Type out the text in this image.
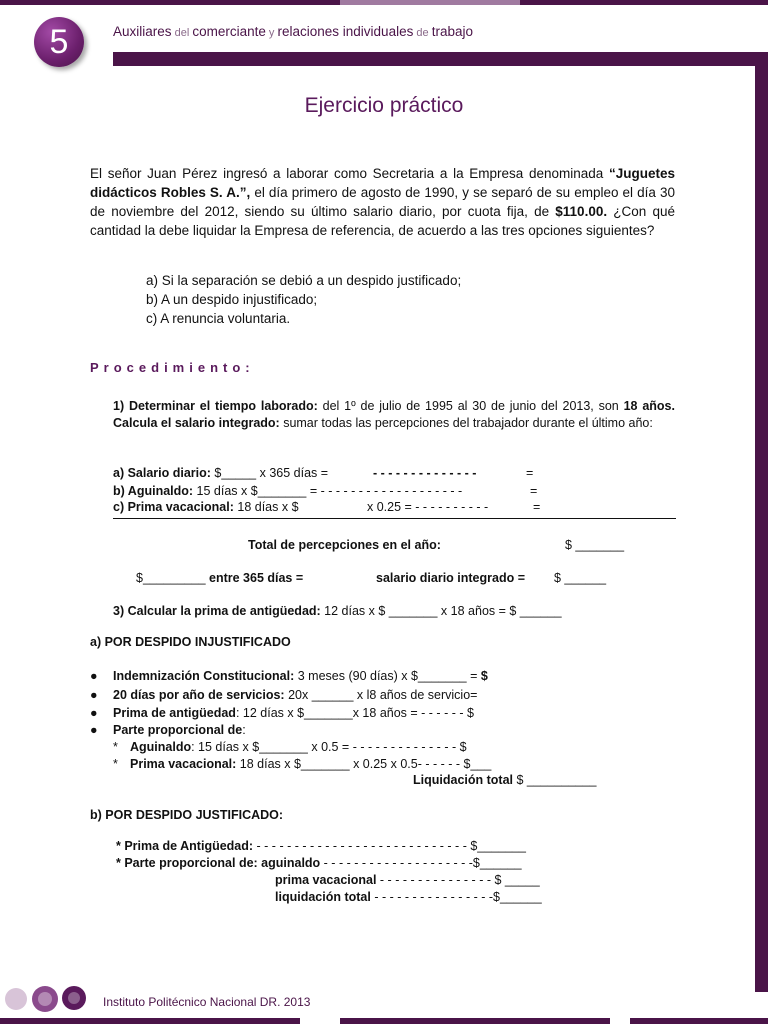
5	Auxiliares del comerciante y relaciones individuales de trabajo
Ejercicio práctico
El señor Juan Pérez ingresó a laborar como Secretaria a la Empresa denominada “Juguetes didácticos Robles S. A.”, el día primero de agosto de 1990, y se separó de su empleo el día 30 de noviembre del 2012, siendo su último salario diario, por cuota fija, de $110.00. ¿Con qué cantidad la debe liquidar la Empresa de referencia, de acuerdo a las tres opciones siguientes?
a) Si la separación se debió a un despido justificado;
b) A un despido injustificado;
c) A renuncia voluntaria.
Procedimiento:
1) Determinar el tiempo laborado: del 1º de julio de 1995 al 30 de junio del 2013, son 18 años. Calcula el salario integrado: sumar todas las percepciones del trabajador durante el último año:
a) Salario diario: $_____ x 365 días =	- - - - - - - - - - - - - -	=
b) Aguinaldo: 15 días x $_______ = - - - - - - - - - - - - - - - - - - -	=
c) Prima vacacional: 18 días x $	x 0.25 = - - - - - - - - - -	=
Total de percepciones en el año:	$ _______
$_________ entre 365 días =	salario diario integrado = $ ______
3) Calcular la prima de antigüedad: 12 días x $ _______ x 18 años = $ ______
a) POR DESPIDO INJUSTIFICADO
● Indemnización Constitucional: 3 meses (90 días) x $_______ = $
● 20 días por año de servicios: 20x ______ x l8 años de servicio=
● Prima de antigüedad: 12 días x $_______x 18 años = - - - - - - $
● Parte proporcional de:
* Aguinaldo: 15 días x $_______ x 0.5 = - - - - - - - - - - - - - - $
* Prima vacacional: 18 días x $_______ x 0.25 x 0.5- - - - - - $___
Liquidación total $ __________
b) POR DESPIDO JUSTIFICADO:
* Prima de Antigüedad: - - - - - - - - - - - - - - - - - - - - - - - - - - - - $_______
* Parte proporcional de: aguinaldo - - - - - - - - - - - - - - - - - - - -$______
prima vacacional - - - - - - - - - - - - - - - $ _____
liquidación total - - - - - - - - - - - - - - - -$______
Instituto Politécnico Nacional DR. 2013
